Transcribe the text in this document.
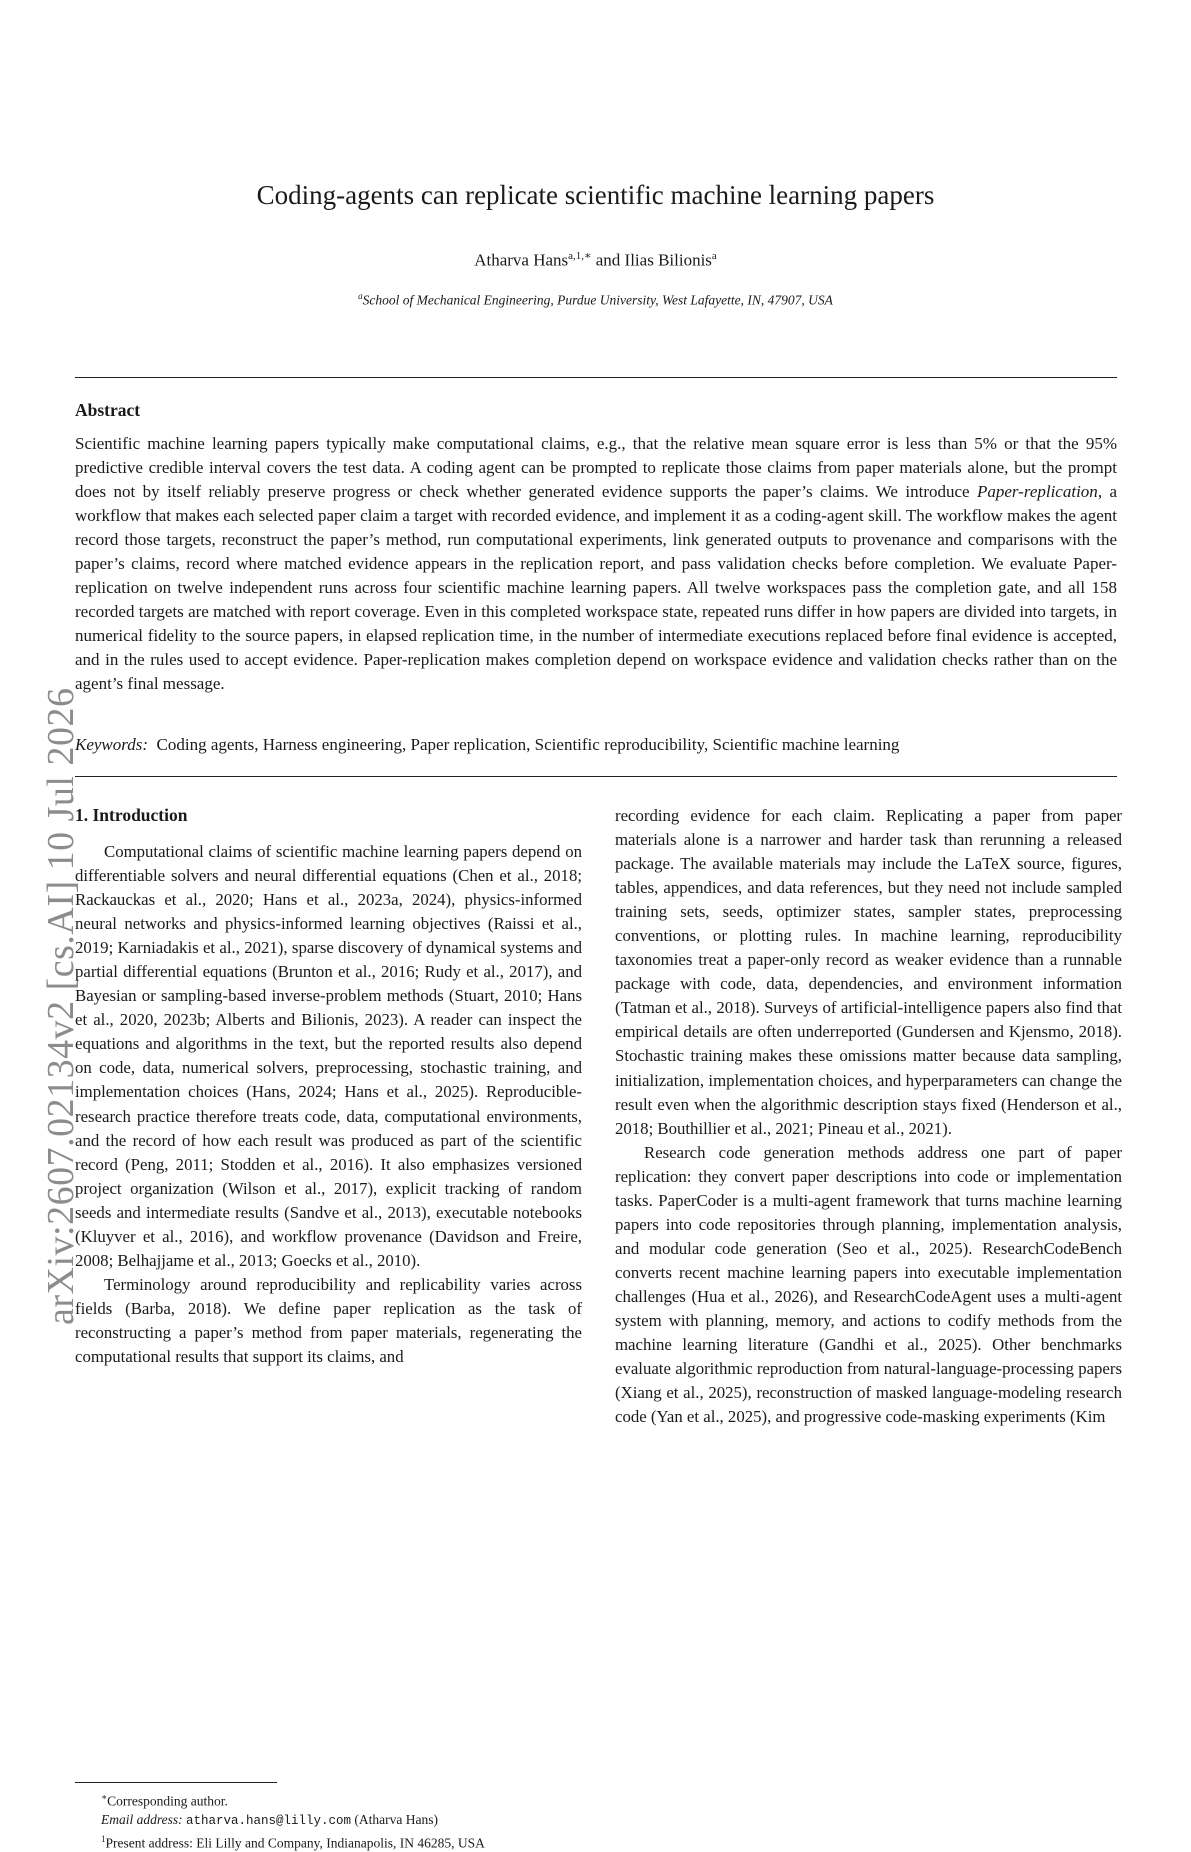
arXiv:2607.02134v2 [cs.AI] 10 Jul 2026
Coding-agents can replicate scientific machine learning papers
Atharva Hans$^{a,1,∗}$ and Ilias Bilionis$^a$
$^a$School of Mechanical Engineering, Purdue University, West Lafayette, IN, 47907, USA
Abstract

Scientific machine learning papers typically make computational claims, e.g., that the relative mean square error is less than 5% or that the 95% predictive credible interval covers the test data. A coding agent can be prompted to replicate those claims from paper materials alone, but the prompt does not by itself reliably preserve progress or check whether generated evidence supports the paper’s claims. We introduce Paper-replication, a workflow that makes each selected paper claim a target with recorded evidence, and implement it as a coding-agent skill. The workflow makes the agent record those targets, reconstruct the paper’s method, run computational experiments, link generated outputs to provenance and comparisons with the paper’s claims, record where matched evidence appears in the replication report, and pass validation checks before completion. We evaluate Paper-replication on twelve independent runs across four scientific machine learning papers. All twelve workspaces pass the completion gate, and all 158 recorded targets are matched with report coverage. Even in this completed workspace state, repeated runs differ in how papers are divided into targets, in numerical fidelity to the source papers, in elapsed replication time, in the number of intermediate executions replaced before final evidence is accepted, and in the rules used to accept evidence. Paper-replication makes completion depend on workspace evidence and validation checks rather than on the agent’s final message.

Keywords: Coding agents, Harness engineering, Paper replication, Scientific reproducibility, Scientific machine learning
1. Introduction

Computational claims of scientific machine learning papers depend on differentiable solvers and neural differential equations (Chen et al., 2018; Rackauckas et al., 2020; Hans et al., 2023a, 2024), physics-informed neural networks and physics-informed learning objectives (Raissi et al., 2019; Karniadakis et al., 2021), sparse discovery of dynamical systems and partial differential equations (Brunton et al., 2016; Rudy et al., 2017), and Bayesian or sampling-based inverse-problem methods (Stuart, 2010; Hans et al., 2020, 2023b; Alberts and Bilionis, 2023). A reader can inspect the equations and algorithms in the text, but the reported results also depend on code, data, numerical solvers, preprocessing, stochastic training, and implementation choices (Hans, 2024; Hans et al., 2025). Reproducible-research practice therefore treats code, data, computational environments, and the record of how each result was produced as part of the scientific record (Peng, 2011; Stodden et al., 2016). It also emphasizes versioned project organization (Wilson et al., 2017), explicit tracking of random seeds and intermediate results (Sandve et al., 2013), executable notebooks (Kluyver et al., 2016), and workflow provenance (Davidson and Freire, 2008; Belhajjame et al., 2013; Goecks et al., 2010).

Terminology around reproducibility and replicability varies across fields (Barba, 2018). We define paper replication as the task of reconstructing a paper’s method from paper materials, regenerating the computational results that support its claims, and

recording evidence for each claim. Replicating a paper from paper materials alone is a narrower and harder task than rerunning a released package. The available materials may include the LaTeX source, figures, tables, appendices, and data references, but they need not include sampled training sets, seeds, optimizer states, sampler states, preprocessing conventions, or plotting rules. In machine learning, reproducibility taxonomies treat a paper-only record as weaker evidence than a runnable package with code, data, dependencies, and environment information (Tatman et al., 2018). Surveys of artificial-intelligence papers also find that empirical details are often underreported (Gundersen and Kjensmo, 2018). Stochastic training makes these omissions matter because data sampling, initialization, implementation choices, and hyperparameters can change the result even when the algorithmic description stays fixed (Henderson et al., 2018; Bouthillier et al., 2021; Pineau et al., 2021).

Research code generation methods address one part of paper replication: they convert paper descriptions into code or implementation tasks. PaperCoder is a multi-agent framework that turns machine learning papers into code repositories through planning, implementation analysis, and modular code generation (Seo et al., 2025). ResearchCodeBench converts recent machine learning papers into executable implementation challenges (Hua et al., 2026), and ResearchCodeAgent uses a multi-agent system with planning, memory, and actions to codify methods from the machine learning literature (Gandhi et al., 2025). Other benchmarks evaluate algorithmic reproduction from natural-language-processing papers (Xiang et al., 2025), reconstruction of masked language-modeling research code (Yan et al., 2025), and progressive code-masking experiments (Kim

∗Corresponding author.
Email address: atharva.hans@lilly.com (Atharva Hans)
$^1$Present address: Eli Lilly and Company, Indianapolis, IN 46285, USA
